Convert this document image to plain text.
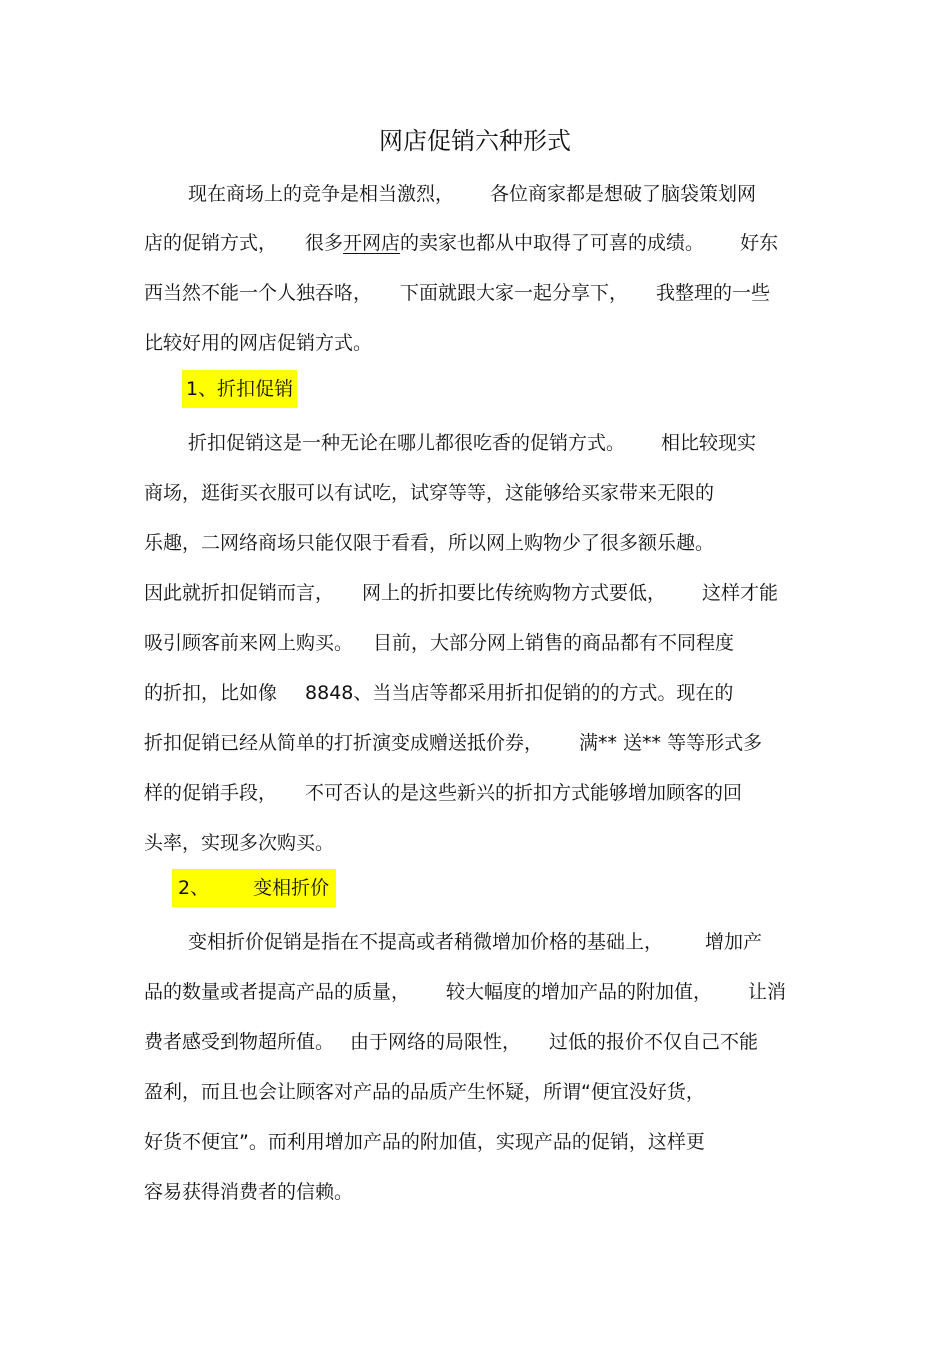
网店促销六种形式
现在商场上的竞争是相当激烈， 各位商家都是想破了脑袋策划网
店的促销方式， 很多开网店的卖家也都从中取得了可喜的成绩。 好东
西当然不能一个人独吞咯， 下面就跟大家一起分享下， 我整理的一些
比较好用的网店促销方式。
1、折扣促销
折扣促销这是一种无论在哪儿都很吃香的促销方式。 相比较现实
商场，逛街买衣服可以有试吃，试穿等等，这能够给买家带来无限的
乐趣，二网络商场只能仅限于看看，所以网上购物少了很多额乐趣。
因此就折扣促销而言， 网上的折扣要比传统购物方式要低， 这样才能
吸引顾客前来网上购买。 目前，大部分网上销售的商品都有不同程度
的折扣，比如像 8848、当当店等都采用折扣促销的的方式。现在的
折扣促销已经从简单的打折演变成赠送抵价券， 满** 送** 等等形式多
样的促销手段， 不可否认的是这些新兴的折扣方式能够增加顾客的回
头率，实现多次购买。
2、 变相折价
变相折价促销是指在不提高或者稍微增加价格的基础上， 增加产
品的数量或者提高产品的质量， 较大幅度的增加产品的附加值， 让消
费者感受到物超所值。 由于网络的局限性， 过低的报价不仅自己不能
盈利，而且也会让顾客对产品的品质产生怀疑，所谓“便宜没好货，
好货不便宜”。而利用增加产品的附加值，实现产品的促销，这样更
容易获得消费者的信赖。
